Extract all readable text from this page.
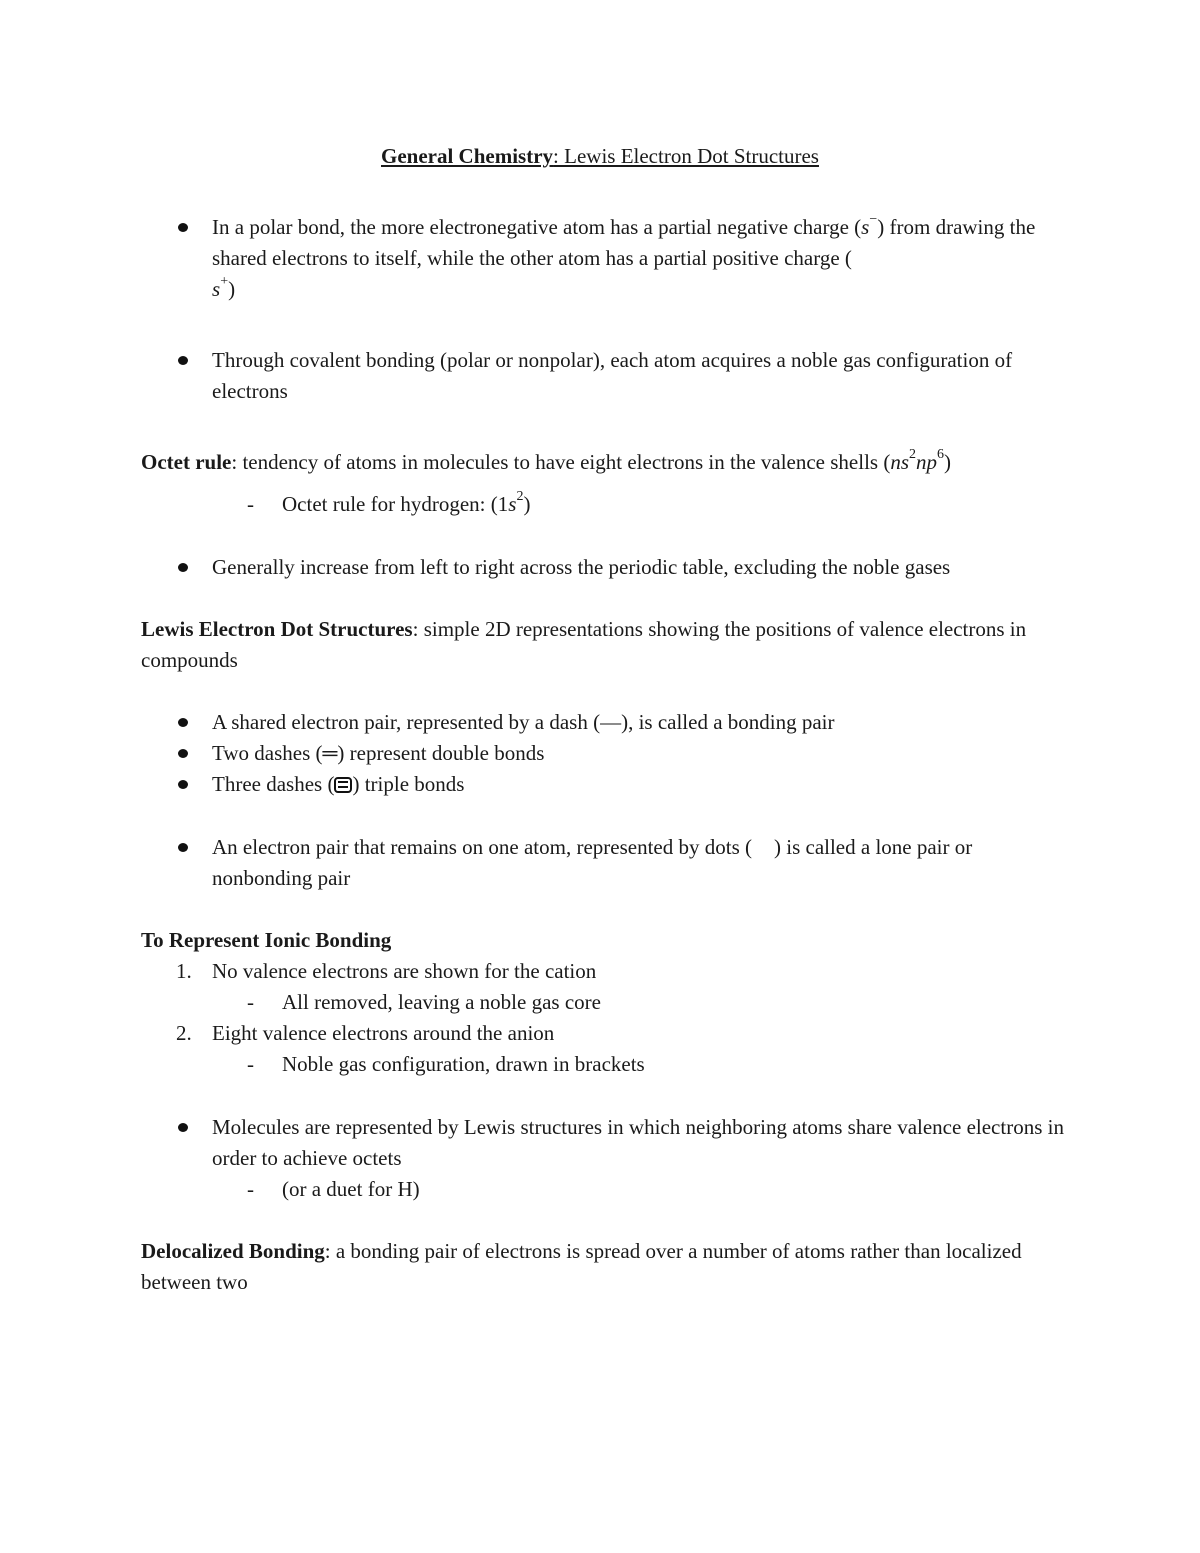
General Chemistry: Lewis Electron Dot Structures
In a polar bond, the more electronegative atom has a partial negative charge (s−) from drawing the shared electrons to itself, while the other atom has a partial positive charge (
s+)
Through covalent bonding (polar or nonpolar), each atom acquires a noble gas configuration of electrons
Octet rule: tendency of atoms in molecules to have eight electrons in the valence shells $(ns^2np^6)$
- Octet rule for hydrogen: $(1s^2)$
Generally increase from left to right across the periodic table, excluding the noble gases
Lewis Electron Dot Structures: simple 2D representations showing the positions of valence electrons in compounds
A shared electron pair, represented by a dash (—), is called a bonding pair
Two dashes (═) represent double bonds
Three dashes ( ) triple bonds
An electron pair that remains on one atom, represented by dots ( ) is called a lone pair or nonbonding pair
To Represent Ionic Bonding
1. No valence electrons are shown for the cation
- All removed, leaving a noble gas core
2. Eight valence electrons around the anion
- Noble gas configuration, drawn in brackets
Molecules are represented by Lewis structures in which neighboring atoms share valence electrons in order to achieve octets
- (or a duet for H)
Delocalized Bonding: a bonding pair of electrons is spread over a number of atoms rather than localized between two
